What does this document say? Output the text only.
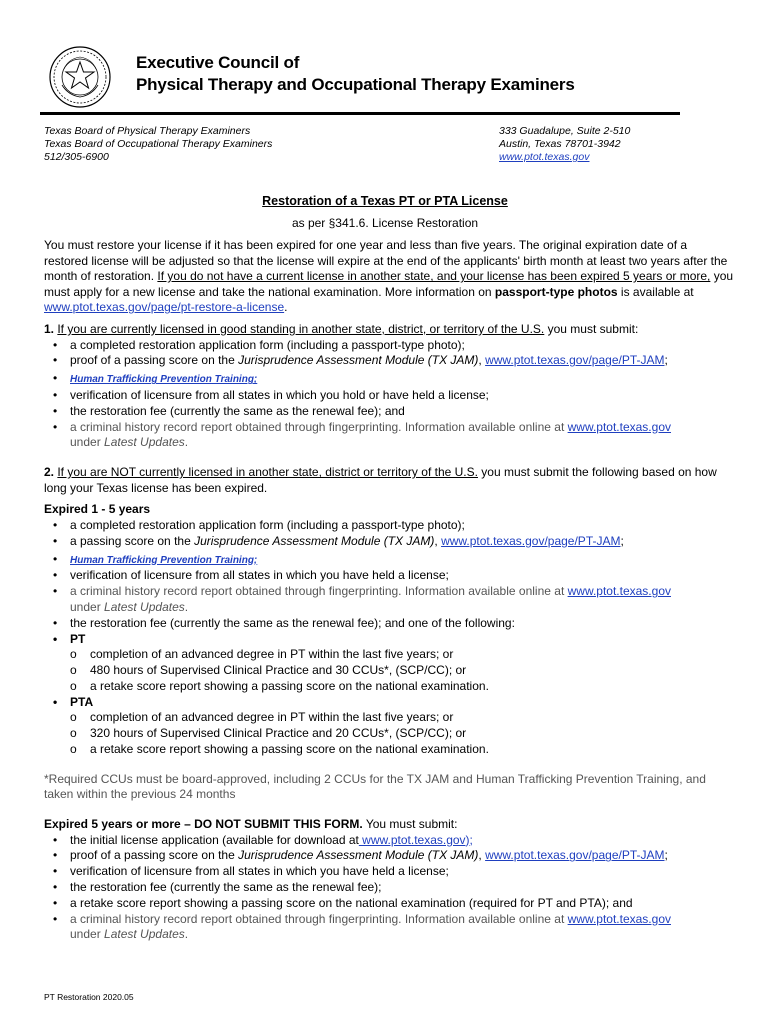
Executive Council of
Physical Therapy and Occupational Therapy Examiners
Texas Board of Physical Therapy Examiners
Texas Board of Occupational Therapy Examiners
512/305-6900
333 Guadalupe, Suite 2-510
Austin, Texas 78701-3942
www.ptot.texas.gov
Restoration of a Texas PT or PTA License
as per §341.6. License Restoration

You must restore your license if it has been expired for one year and less than five years. The original expiration date of a restored license will be adjusted so that the license will expire at the end of the applicants' birth month at least two years after the month of restoration. If you do not have a current license in another state, and your license has been expired 5 years or more, you must apply for a new license and take the national examination. More information on passport-type photos is available at www.ptot.texas.gov/page/pt-restore-a-license.

1. If you are currently licensed in good standing in another state, district, or territory of the U.S. you must submit:

• a completed restoration application form (including a passport-type photo);
• proof of a passing score on the Jurisprudence Assessment Module (TX JAM), www.ptot.texas.gov/page/PT-JAM;
• Human Trafficking Prevention Training;
• verification of licensure from all states in which you hold or have held a license;
• the restoration fee (currently the same as the renewal fee); and
• a criminal history record report obtained through fingerprinting. Information available online at www.ptot.texas.gov
under Latest Updates.

2. If you are NOT currently licensed in another state, district or territory of the U.S. you must submit the following based on how long your Texas license has been expired.

Expired 1 - 5 years

• a completed restoration application form (including a passport-type photo);
• a passing score on the Jurisprudence Assessment Module (TX JAM), www.ptot.texas.gov/page/PT-JAM;
• Human Trafficking Prevention Training;
• verification of licensure from all states in which you have held a license;
• a criminal history record report obtained through fingerprinting. Information available online at www.ptot.texas.gov
under Latest Updates.
• the restoration fee (currently the same as the renewal fee); and one of the following:
• PT
o completion of an advanced degree in PT within the last five years; or
o 480 hours of Supervised Clinical Practice and 30 CCUs*, (SCP/CC); or
o a retake score report showing a passing score on the national examination.
• PTA
o completion of an advanced degree in PT within the last five years; or
o 320 hours of Supervised Clinical Practice and 20 CCUs*, (SCP/CC); or
o a retake score report showing a passing score on the national examination.

*Required CCUs must be board-approved, including 2 CCUs for the TX JAM and Human Trafficking Prevention Training, and taken within the previous 24 months

Expired 5 years or more – DO NOT SUBMIT THIS FORM. You must submit:

• the initial license application (available for download at www.ptot.texas.gov);
• proof of a passing score on the Jurisprudence Assessment Module (TX JAM), www.ptot.texas.gov/page/PT-JAM;
• verification of licensure from all states in which you have held a license;
• the restoration fee (currently the same as the renewal fee);
• a retake score report showing a passing score on the national examination (required for PT and PTA); and
• a criminal history record report obtained through fingerprinting. Information available online at www.ptot.texas.gov
under Latest Updates.
PT Restoration 2020.05
